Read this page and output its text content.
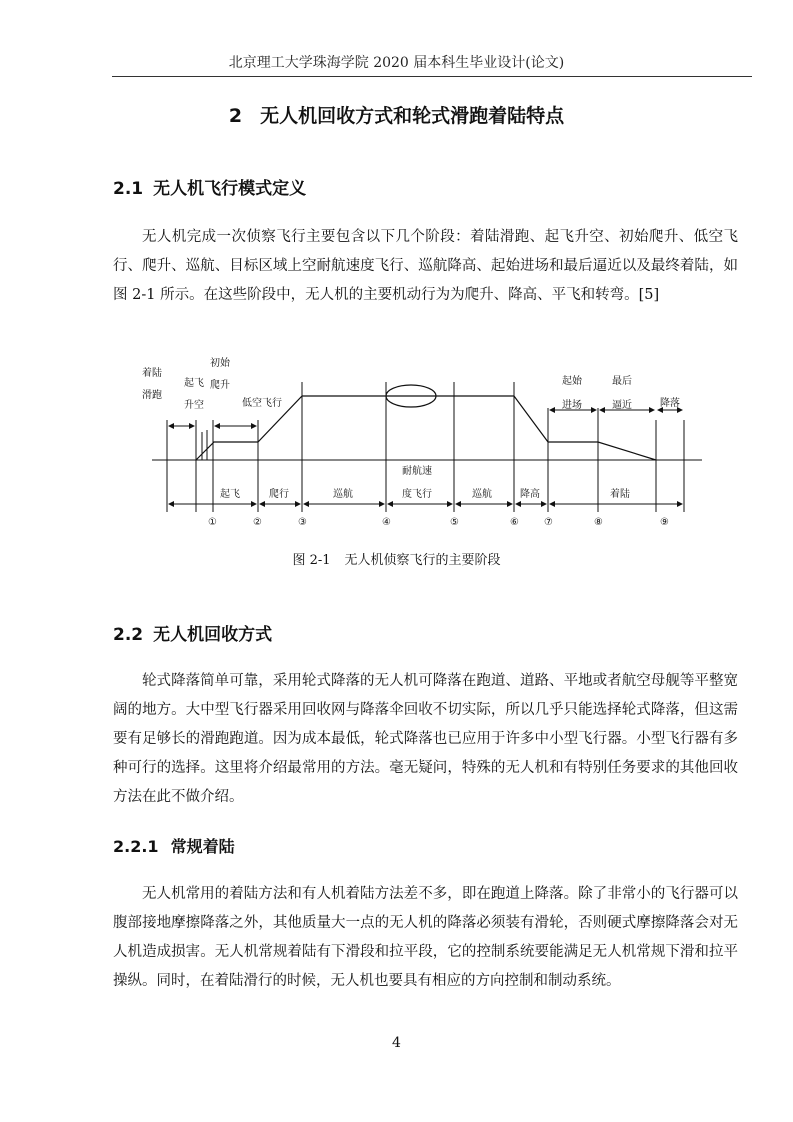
北京理工大学珠海学院 2020 届本科生毕业设计(论文)
2 无人机回收方式和轮式滑跑着陆特点
2.1 无人机飞行模式定义
无人机完成一次侦察飞行主要包含以下几个阶段：着陆滑跑、起飞升空、初始爬升、低空飞行、爬升、巡航、目标区域上空耐航速度飞行、巡航降高、起始进场和最后逼近以及最终着陆，如图 2-1 所示。在这些阶段中，无人机的主要机动行为为爬升、降高、平飞和转弯。[5]
着陆
滑跑
起飞
升空
初始
爬升
低空飞行
起始
进场
最后
逼近	降落
起飞	爬行	巡航
耐航速
度飞行	巡航	降高	着陆
①	②	③	④	⑤	⑥	⑦	⑧	⑨
图 2-1 无人机侦察飞行的主要阶段
2.2 无人机回收方式
轮式降落简单可靠，采用轮式降落的无人机可降落在跑道、道路、平地或者航空母舰等平整宽阔的地方。大中型飞行器采用回收网与降落伞回收不切实际，所以几乎只能选择轮式降落，但这需要有足够长的滑跑跑道。因为成本最低，轮式降落也已应用于许多中小型飞行器。小型飞行器有多种可行的选择。这里将介绍最常用的方法。毫无疑问，特殊的无人机和有特别任务要求的其他回收方法在此不做介绍。
2.2.1 常规着陆
无人机常用的着陆方法和有人机着陆方法差不多，即在跑道上降落。除了非常小的飞行器可以腹部接地摩擦降落之外，其他质量大一点的无人机的降落必须装有滑轮，否则硬式摩擦降落会对无人机造成损害。无人机常规着陆有下滑段和拉平段，它的控制系统要能满足无人机常规下滑和拉平操纵。同时，在着陆滑行的时候，无人机也要具有相应的方向控制和制动系统。
4
